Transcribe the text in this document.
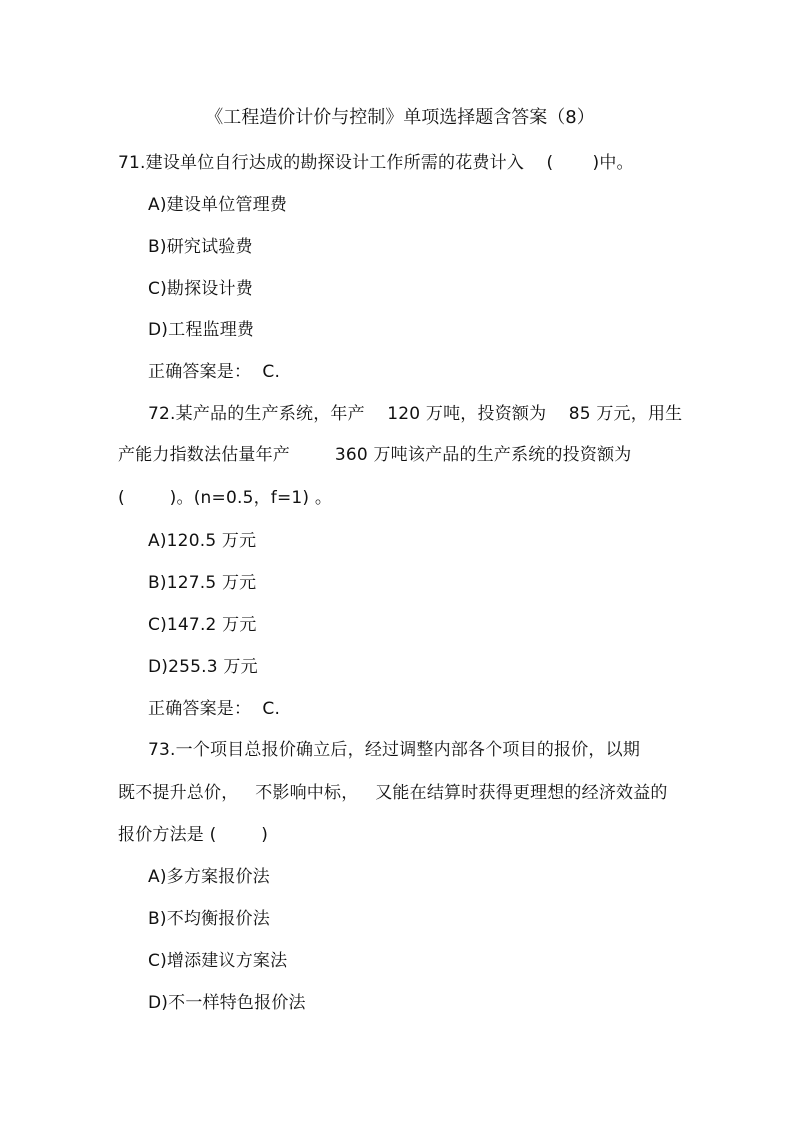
《工程造价计价与控制》单项选择题含答案（8）
71.建设单位自行达成的勘探设计工作所需的花费计入    (       )中。
A)建设单位管理费
B)研究试验费
C)勘探设计费
D)工程监理费
正确答案是：  C.
72.某产品的生产系统，年产    120 万吨，投资额为    85 万元，用生
产能力指数法估量年产        360 万吨该产品的生产系统的投资额为
(        )。(n=0.5，f=1) 。
A)120.5 万元
B)127.5 万元
C)147.2 万元
D)255.3 万元
正确答案是：  C.
73.一个项目总报价确立后，经过调整内部各个项目的报价，以期
既不提升总价，   不影响中标，   又能在结算时获得更理想的经济效益的
报价方法是 (        )
A)多方案报价法
B)不均衡报价法
C)增添建议方案法
D)不一样特色报价法
